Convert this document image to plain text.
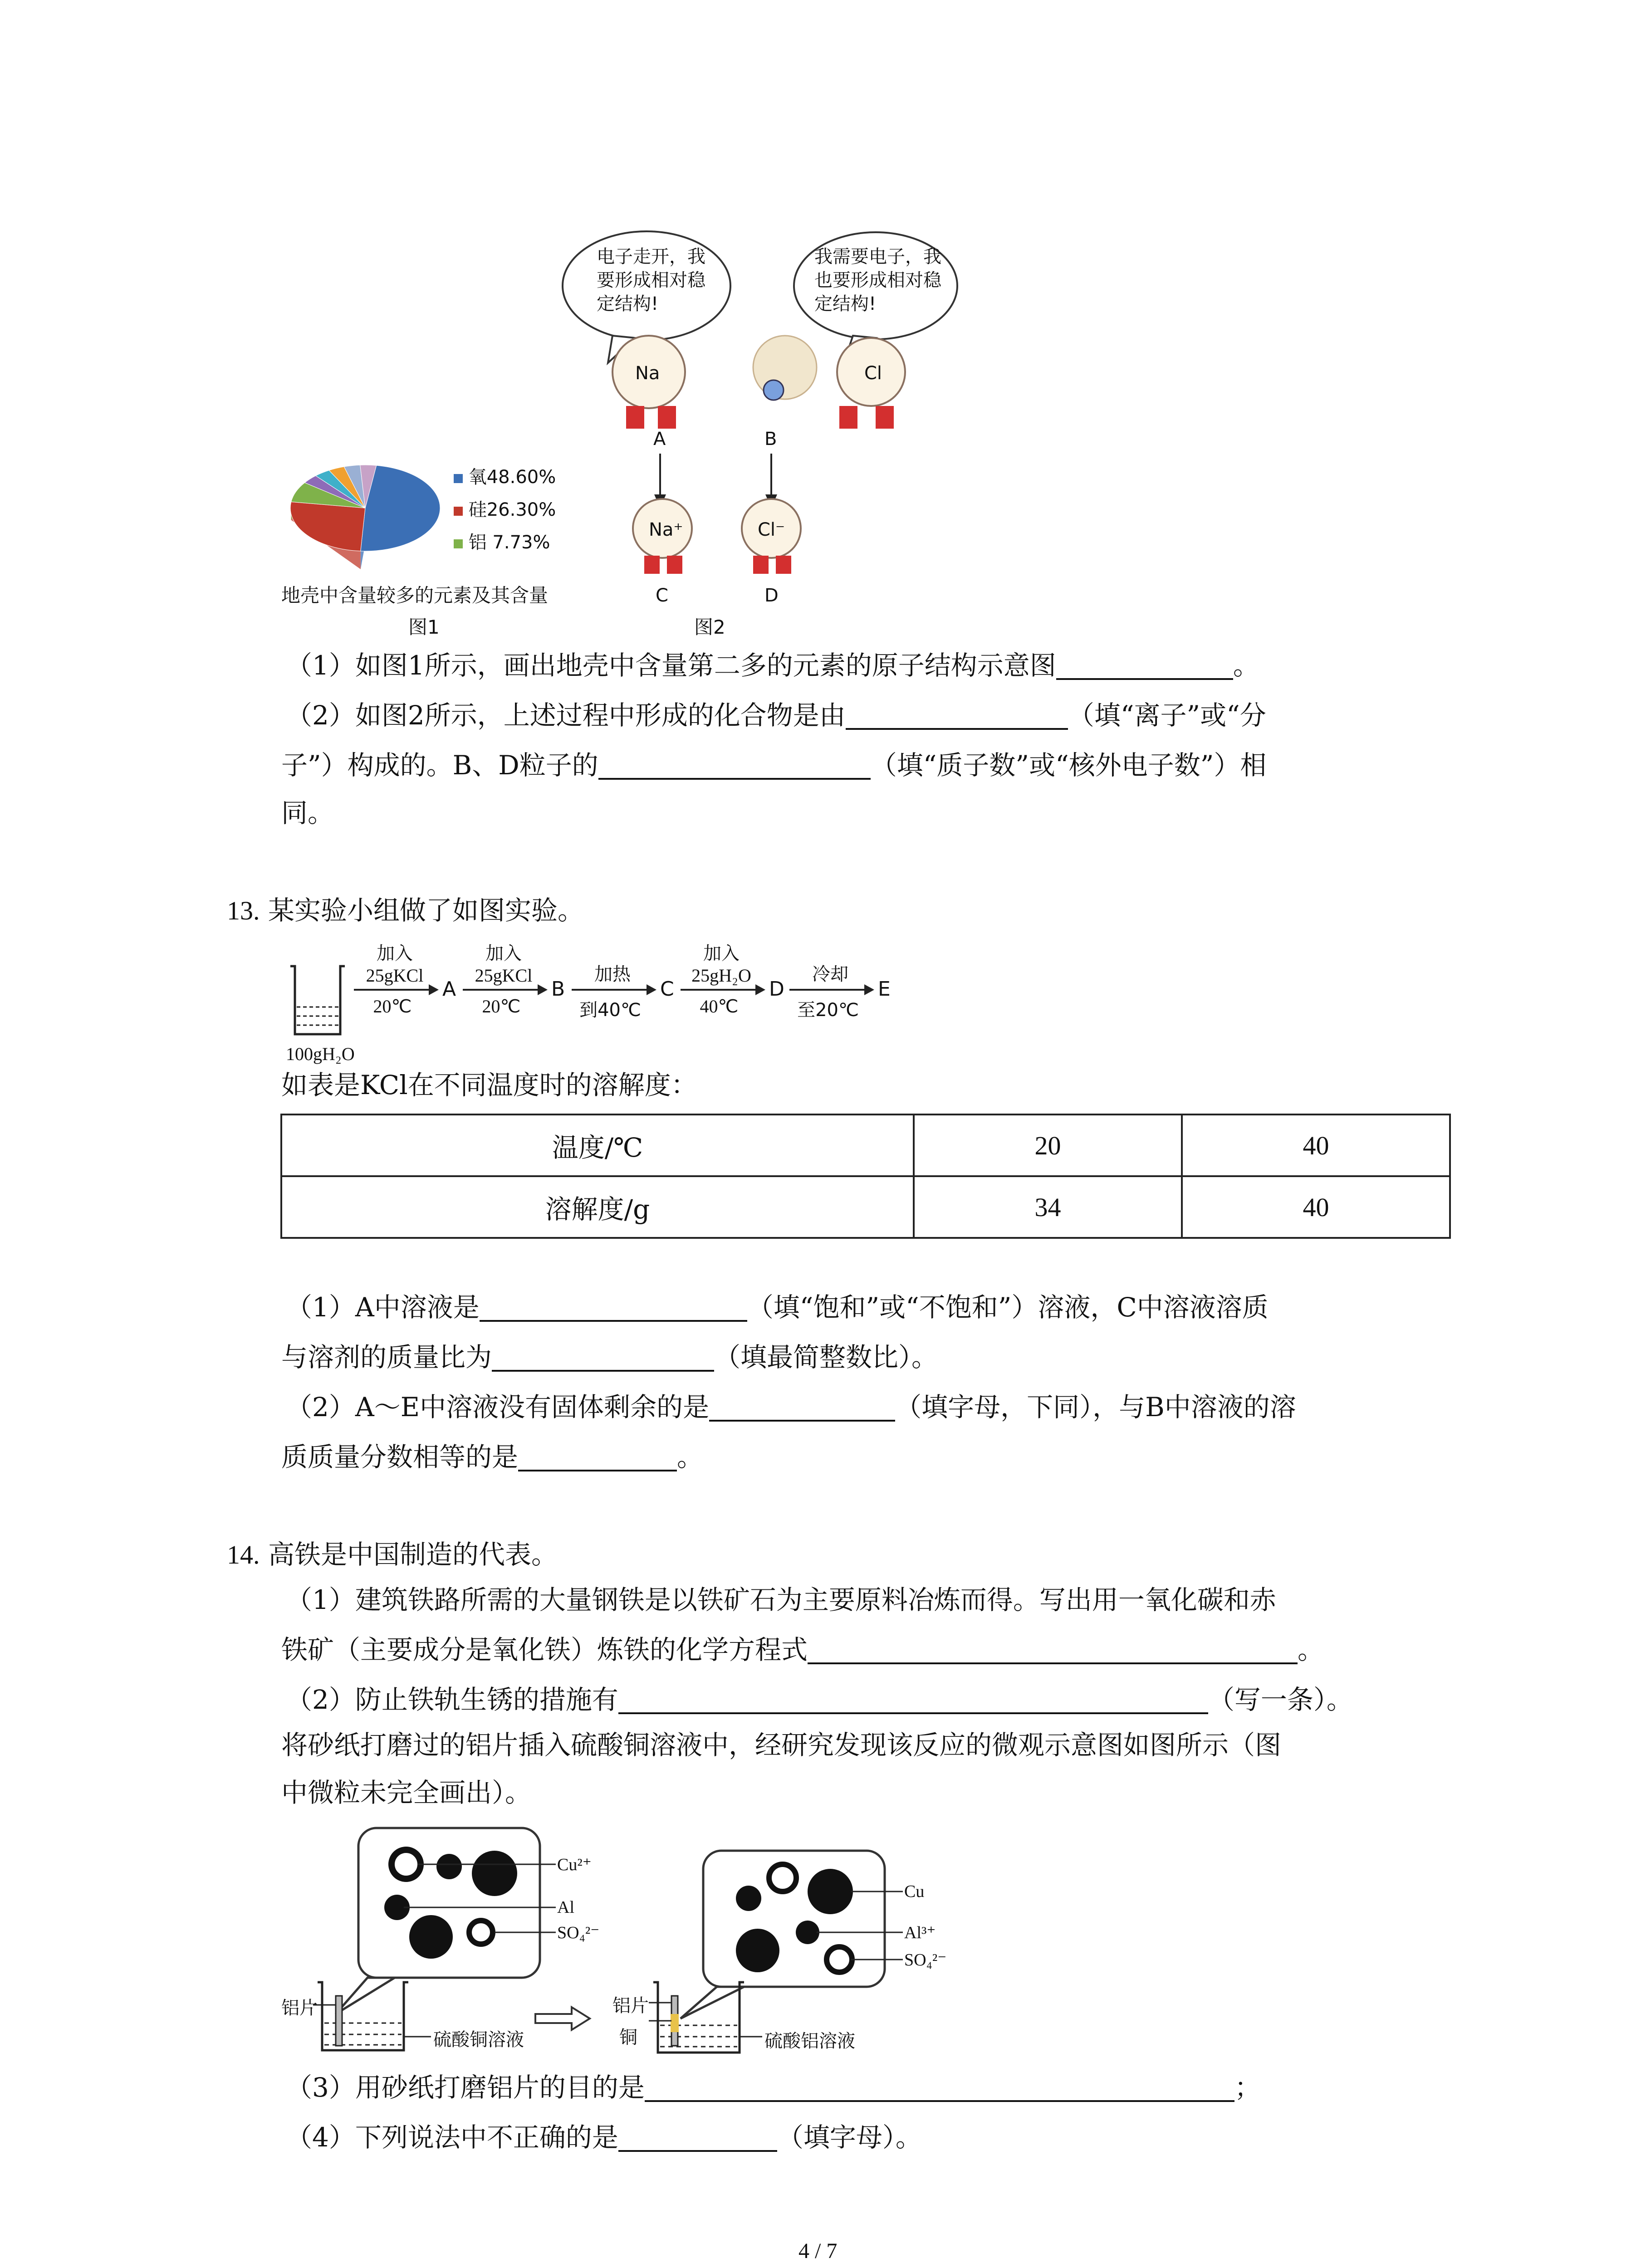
氧48.60%
硅26.30%
铝 7.73%
地壳中含量较多的元素及其含量
图1
电子走开，我
要形成相对稳
定结构!
我需要电子，我
也要形成相对稳
定结构!
Na	Cl
A	B
Na⁺	Cl⁻
C	D
图2
（1）如图1所示，画出地壳中含量第二多的元素的原子结构示意图	。
（2）如图2所示，上述过程中形成的化合物是由	（填“离子”或“分
子”）构成的。B、D粒子的	（填“质子数”或“核外电子数”）相
同。
13. 某实验小组做了如图实验。
100gH₂O
加入
25gKCl
20℃
A
加入
25gKCl
20℃
B
加热
到40℃
C
加入
25gH₂O
40℃
D
冷却
至20℃
E
如表是KCl在不同温度时的溶解度：
温度/℃	20	40
溶解度/g	34	40
（1）A中溶液是	（填“饱和”或“不饱和”）溶液，C中溶液溶质
与溶剂的质量比为	（填最简整数比）。
（2）A～E中溶液没有固体剩余的是	（填字母，下同），与B中溶液的溶
质质量分数相等的是	。
14. 高铁是中国制造的代表。
（1）建筑铁路所需的大量钢铁是以铁矿石为主要原料冶炼而得。写出用一氧化碳和赤
铁矿（主要成分是氧化铁）炼铁的化学方程式	。
（2）防止铁轨生锈的措施有	（写一条）。
将砂纸打磨过的铝片插入硫酸铜溶液中，经研究发现该反应的微观示意图如图所示（图
中微粒未完全画出）。
Cu²⁺
Al
SO₄²⁻
铝片
硫酸铜溶液
Cu
Al³⁺
SO₄²⁻
铝片
铜	硫酸铝溶液
（3）用砂纸打磨铝片的目的是	；
（4）下列说法中不正确的是	（填字母）。
4 / 7
